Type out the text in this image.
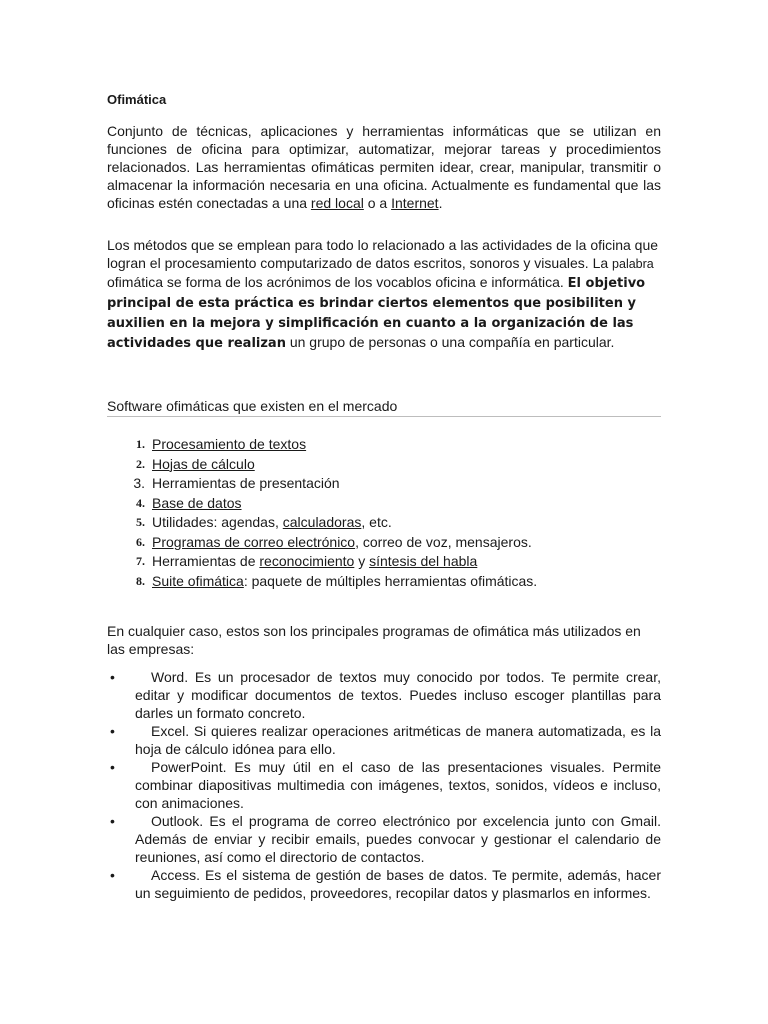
Ofimática
Conjunto de técnicas, aplicaciones y herramientas informáticas que se utilizan en funciones de oficina para optimizar, automatizar, mejorar tareas y procedimientos relacionados. Las herramientas ofimáticas permiten idear, crear, manipular, transmitir o almacenar la información necesaria en una oficina. Actualmente es fundamental que las oficinas estén conectadas a una red local o a Internet.
Los métodos que se emplean para todo lo relacionado a las actividades de la oficina que logran el procesamiento computarizado de datos escritos, sonoros y visuales. La palabra ofimática se forma de los acrónimos de los vocablos oficina e informática. El objetivo principal de esta práctica es brindar ciertos elementos que posibiliten y auxilien en la mejora y simplificación en cuanto a la organización de las actividades que realizan un grupo de personas o una compañía en particular.
Software ofimáticas que existen en el mercado
1. Procesamiento de textos
2. Hojas de cálculo
3. Herramientas de presentación
4. Base de datos
5. Utilidades: agendas, calculadoras, etc.
6. Programas de correo electrónico, correo de voz, mensajeros.
7. Herramientas de reconocimiento y síntesis del habla
8. Suite ofimática: paquete de múltiples herramientas ofimáticas.
En cualquier caso, estos son los principales programas de ofimática más utilizados en las empresas:
•	Word. Es un procesador de textos muy conocido por todos. Te permite crear, editar y modificar documentos de textos. Puedes incluso escoger plantillas para darles un formato concreto.
•	Excel. Si quieres realizar operaciones aritméticas de manera automatizada, es la hoja de cálculo idónea para ello.
•	PowerPoint. Es muy útil en el caso de las presentaciones visuales. Permite combinar diapositivas multimedia con imágenes, textos, sonidos, vídeos e incluso, con animaciones.
•	Outlook. Es el programa de correo electrónico por excelencia junto con Gmail. Además de enviar y recibir emails, puedes convocar y gestionar el calendario de reuniones, así como el directorio de contactos.
•	Access. Es el sistema de gestión de bases de datos. Te permite, además, hacer un seguimiento de pedidos, proveedores, recopilar datos y plasmarlos en informes.
